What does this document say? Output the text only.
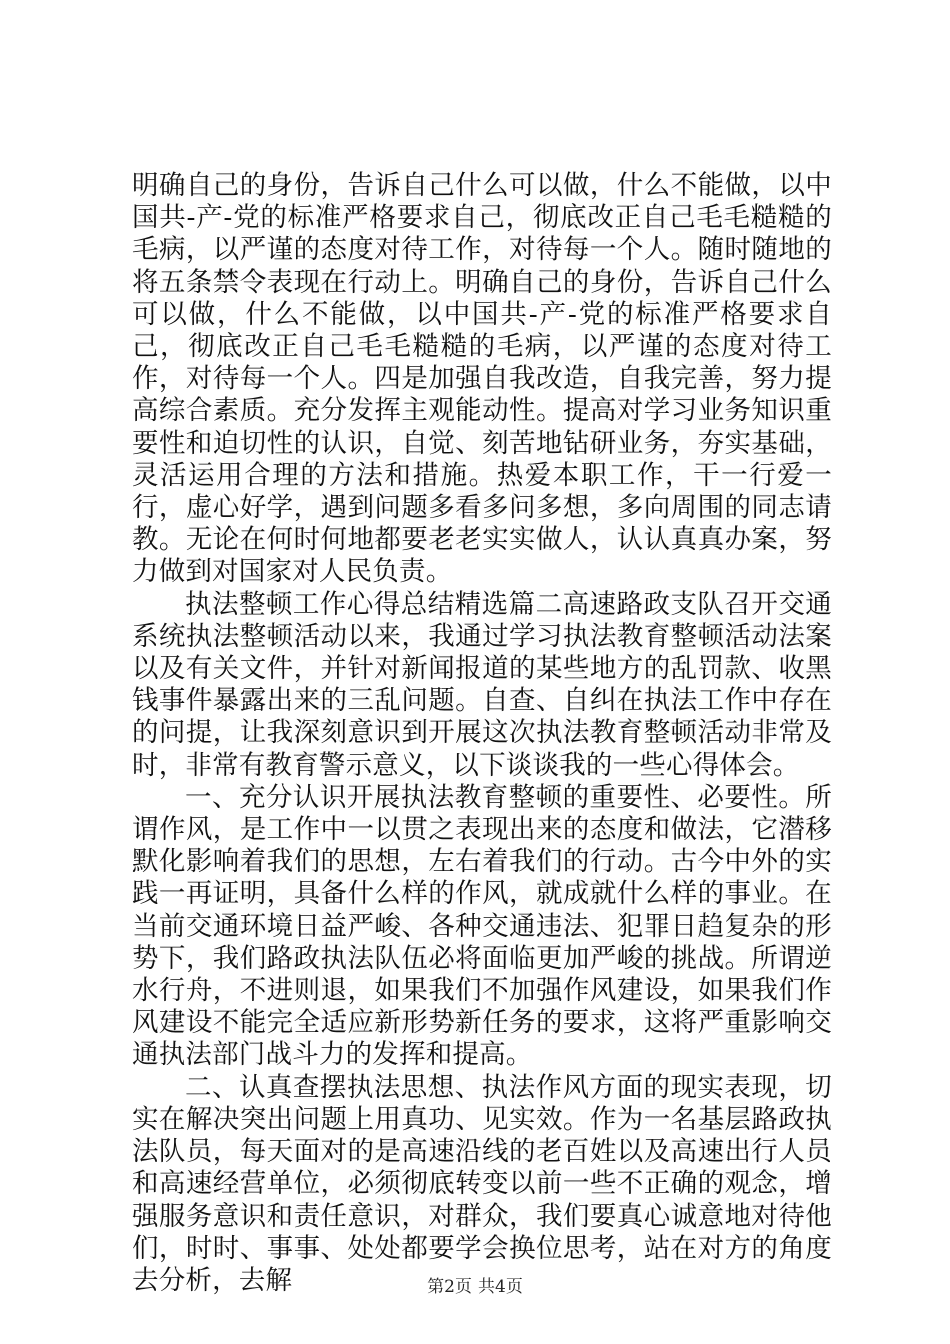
明确自己的身份，告诉自己什么可以做，什么不能做，以中国共-产-党的标准严格要求自己，彻底改正自己毛毛糙糙的毛病，以严谨的态度对待工作，对待每一个人。随时随地的将五条禁令表现在行动上。明确自己的身份，告诉自己什么可以做，什么不能做，以中国共-产-党的标准严格要求自己，彻底改正自己毛毛糙糙的毛病，以严谨的态度对待工作，对待每一个人。四是加强自我改造，自我完善，努力提高综合素质。充分发挥主观能动性。提高对学习业务知识重要性和迫切性的认识，自觉、刻苦地钻研业务，夯实基础，灵活运用合理的方法和措施。热爱本职工作，干一行爱一行，虚心好学，遇到问题多看多问多想，多向周围的同志请教。无论在何时何地都要老老实实做人，认认真真办案，努力做到对国家对人民负责。

执法整顿工作心得总结精选篇二高速路政支队召开交通系统执法整顿活动以来，我通过学习执法教育整顿活动法案以及有关文件，并针对新闻报道的某些地方的乱罚款、收黑钱事件暴露出来的三乱问题。自查、自纠在执法工作中存在的问提，让我深刻意识到开展这次执法教育整顿活动非常及时，非常有教育警示意义，以下谈谈我的一些心得体会。

一、充分认识开展执法教育整顿的重要性、必要性。所谓作风，是工作中一以贯之表现出来的态度和做法，它潜移默化影响着我们的思想，左右着我们的行动。古今中外的实践一再证明，具备什么样的作风，就成就什么样的事业。在当前交通环境日益严峻、各种交通违法、犯罪日趋复杂的形势下，我们路政执法队伍必将面临更加严峻的挑战。所谓逆水行舟，不进则退，如果我们不加强作风建设，如果我们作风建设不能完全适应新形势新任务的要求，这将严重影响交通执法部门战斗力的发挥和提高。

二、认真查摆执法思想、执法作风方面的现实表现，切实在解决突出问题上用真功、见实效。作为一名基层路政执法队员，每天面对的是高速沿线的老百姓以及高速出行人员和高速经营单位，必须彻底转变以前一些不正确的观念，增强服务意识和责任意识，对群众，我们要真心诚意地对待他们，时时、事事、处处都要学会换位思考，站在对方的角度去分析，去解	第2页 共4页
